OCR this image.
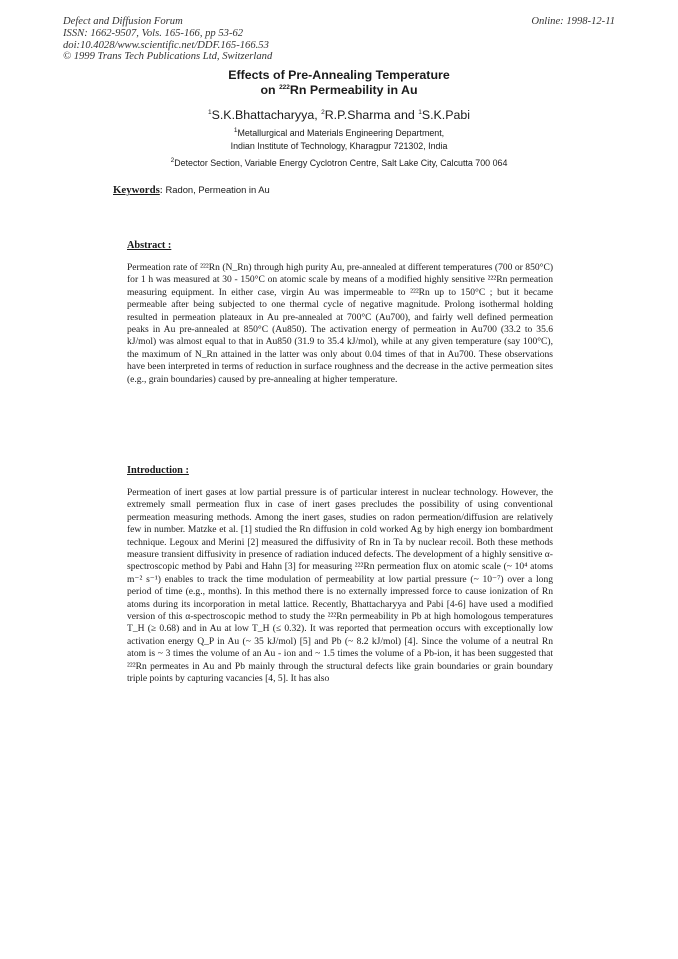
Defect and Diffusion Forum
ISSN: 1662-9507, Vols. 165-166, pp 53-62
doi:10.4028/www.scientific.net/DDF.165-166.53
© 1999 Trans Tech Publications Ltd, Switzerland
Online: 1998-12-11
Effects of Pre-Annealing Temperature
on $^{222}$Rn Permeability in Au
$^1$S.K.Bhattacharyya, $^2$R.P.Sharma and $^1$S.K.Pabi
$^1$Metallurgical and Materials Engineering Department,
Indian Institute of Technology, Kharagpur 721302, India
$^2$Detector Section, Variable Energy Cyclotron Centre, Salt Lake City, Calcutta 700 064
Keywords: Radon, Permeation in Au
Abstract :
Permeation rate of ²²²Rn (N_Rn) through high purity Au, pre-annealed at different temperatures (700 or 850°C) for 1 h was measured at 30 - 150°C on atomic scale by means of a modified highly sensitive ²²²Rn permeation measuring equipment. In either case, virgin Au was impermeable to ²²²Rn up to 150°C ; but it became permeable after being subjected to one thermal cycle of negative magnitude. Prolong isothermal holding resulted in permeation plateaux in Au pre-annealed at 700°C (Au700), and fairly well defined permeation peaks in Au pre-annealed at 850°C (Au850). The activation energy of permeation in Au700 (33.2 to 35.6 kJ/mol) was almost equal to that in Au850 (31.9 to 35.4 kJ/mol), while at any given temperature (say 100°C), the maximum of N_Rn attained in the latter was only about 0.04 times of that in Au700. These observations have been interpreted in terms of reduction in surface roughness and the decrease in the active permeation sites (e.g., grain boundaries) caused by pre-annealing at higher temperature.
Introduction :
Permeation of inert gases at low partial pressure is of particular interest in nuclear technology. However, the extremely small permeation flux in case of inert gases precludes the possibility of using conventional permeation measuring methods. Among the inert gases, studies on radon permeation/diffusion are relatively few in number. Matzke et al. [1] studied the Rn diffusion in cold worked Ag by high energy ion bombardment technique. Legoux and Merini [2] measured the diffusivity of Rn in Ta by nuclear recoil. Both these methods measure transient diffusivity in presence of radiation induced defects. The development of a highly sensitive α-spectroscopic method by Pabi and Hahn [3] for measuring ²²²Rn permeation flux on atomic scale (~ 10⁴ atoms m⁻² s⁻¹) enables to track the time modulation of permeability at low partial pressure (~ 10⁻⁷) over a long period of time (e.g., months). In this method there is no externally impressed force to cause ionization of Rn atoms during its incorporation in metal lattice. Recently, Bhattacharyya and Pabi [4-6] have used a modified version of this α-spectroscopic method to study the ²²²Rn permeability in Pb at high homologous temperatures T_H (≥ 0.68) and in Au at low T_H (≤ 0.32). It was reported that permeation occurs with exceptionally low activation energy Q_P in Au (~ 35 kJ/mol) [5] and Pb (~ 8.2 kJ/mol) [4]. Since the volume of a neutral Rn atom is ~ 3 times the volume of an Au - ion and ~ 1.5 times the volume of a Pb-ion, it has been suggested that ²²²Rn permeates in Au and Pb mainly through the structural defects like grain boundaries or grain boundary triple points by capturing vacancies [4, 5]. It has also
